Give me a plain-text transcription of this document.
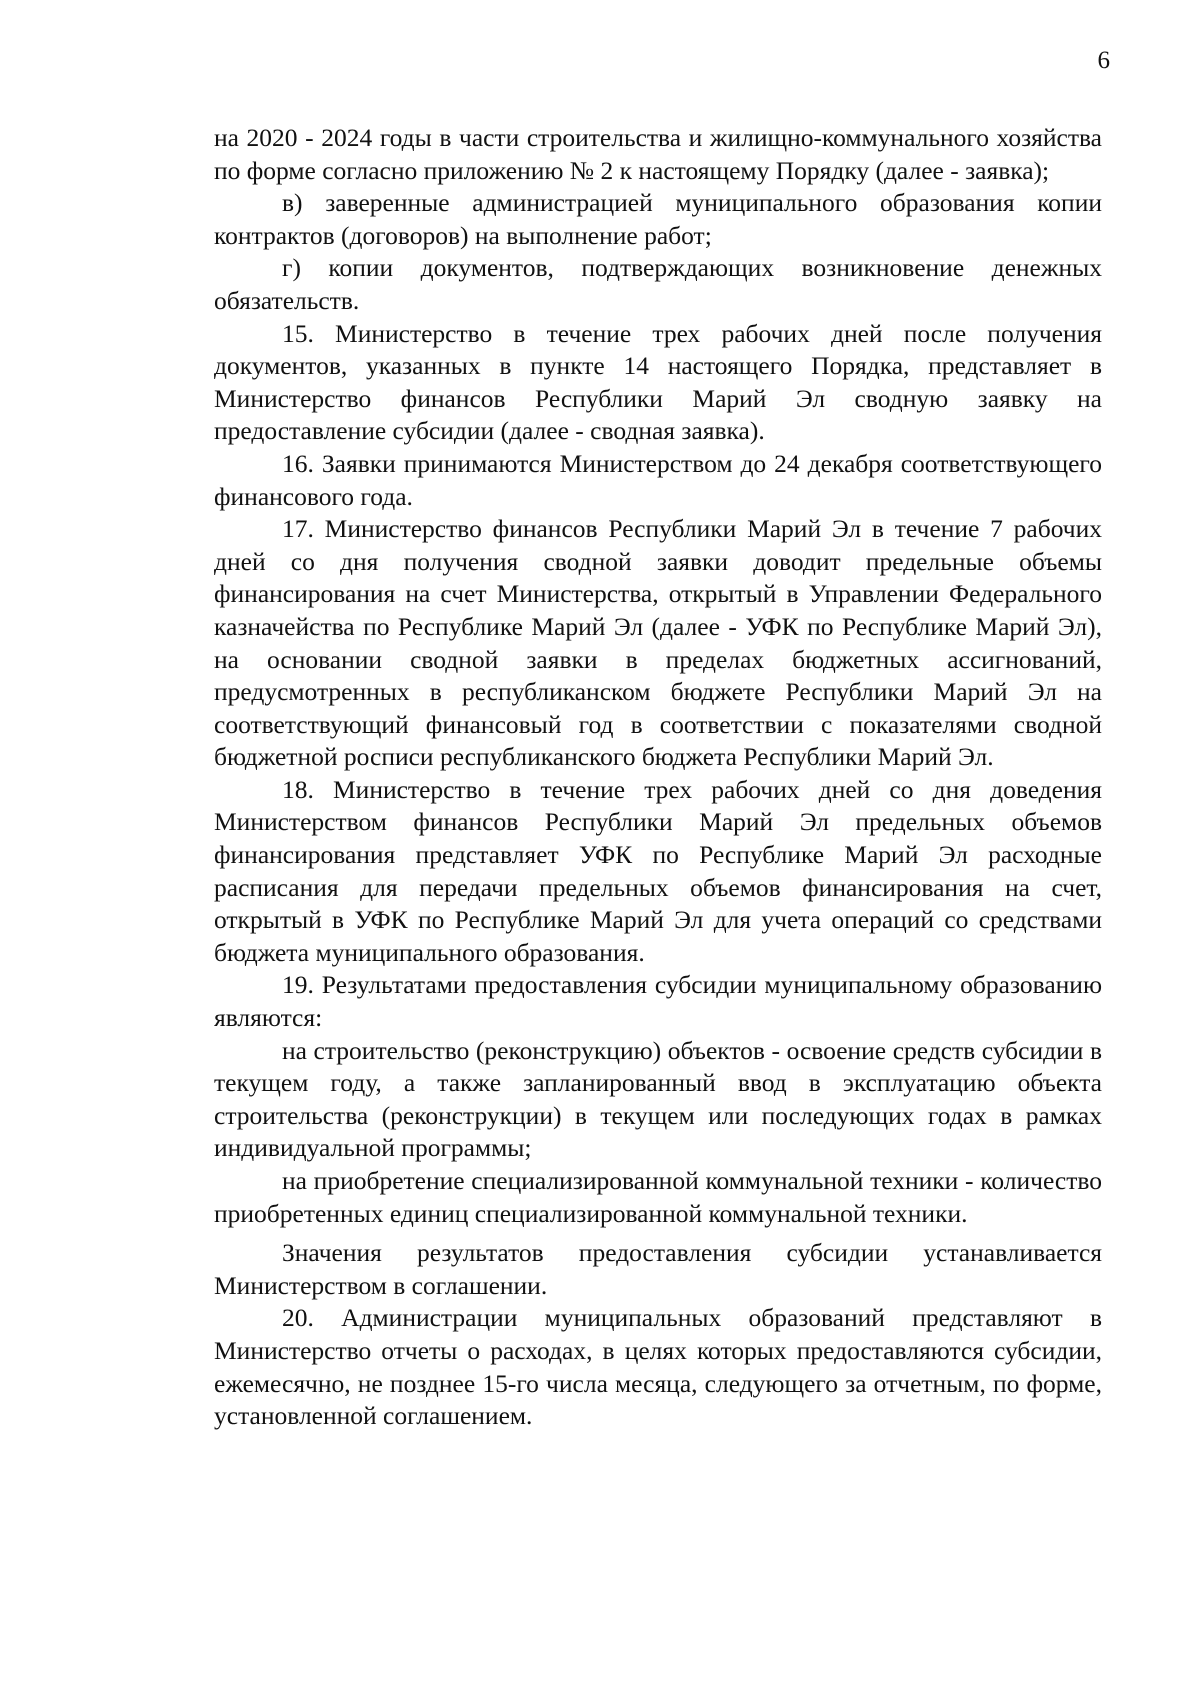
6

на 2020 - 2024 годы в части строительства и жилищно-коммунального хозяйства по форме согласно приложению № 2 к настоящему Порядку (далее - заявка);

в) заверенные администрацией муниципального образования копии контрактов (договоров) на выполнение работ;

г) копии документов, подтверждающих возникновение денежных обязательств.

15. Министерство в течение трех рабочих дней после получения документов, указанных в пункте 14 настоящего Порядка, представляет в Министерство финансов Республики Марий Эл сводную заявку на предоставление субсидии (далее - сводная заявка).

16. Заявки принимаются Министерством до 24 декабря соответствующего финансового года.

17. Министерство финансов Республики Марий Эл в течение 7 рабочих дней со дня получения сводной заявки доводит предельные объемы финансирования на счет Министерства, открытый в Управлении Федерального казначейства по Республике Марий Эл (далее - УФК по Республике Марий Эл), на основании сводной заявки в пределах бюджетных ассигнований, предусмотренных в республиканском бюджете Республики Марий Эл на соответствующий финансовый год в соответствии с показателями сводной бюджетной росписи республиканского бюджета Республики Марий Эл.

18. Министерство в течение трех рабочих дней со дня доведения Министерством финансов Республики Марий Эл предельных объемов финансирования представляет УФК по Республике Марий Эл расходные расписания для передачи предельных объемов финансирования на счет, открытый в УФК по Республике Марий Эл для учета операций со средствами бюджета муниципального образования.

19. Результатами предоставления субсидии муниципальному образованию являются:

на строительство (реконструкцию) объектов - освоение средств субсидии в текущем году, а также запланированный ввод в эксплуатацию объекта строительства (реконструкции) в текущем или последующих годах в рамках индивидуальной программы;

на приобретение специализированной коммунальной техники - количество приобретенных единиц специализированной коммунальной техники.

Значения результатов предоставления субсидии устанавливается Министерством в соглашении.

20. Администрации муниципальных образований представляют в Министерство отчеты о расходах, в целях которых предоставляются субсидии, ежемесячно, не позднее 15-го числа месяца, следующего за отчетным, по форме, установленной соглашением.
